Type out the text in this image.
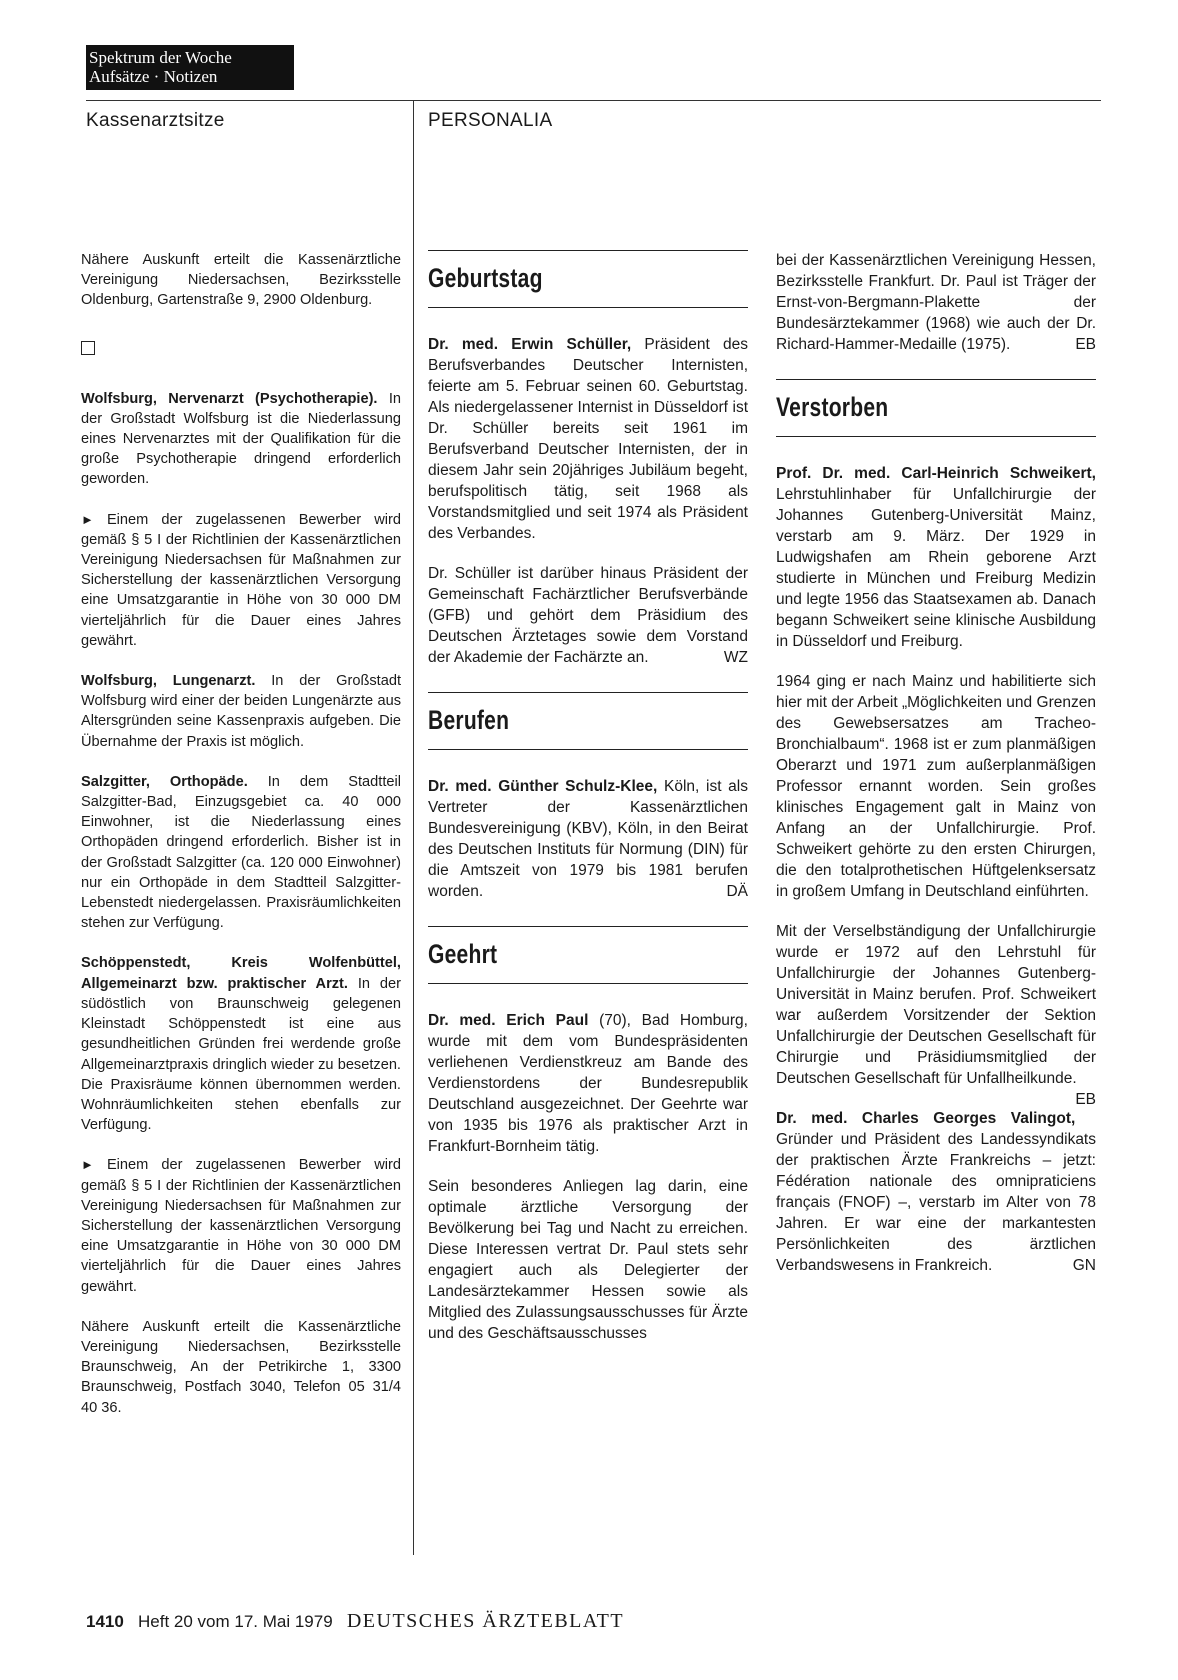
Spektrum der Woche
Aufsätze · Notizen
Kassenarztsitze	PERSONALIA

Nähere Auskunft erteilt die Kassenärztliche Vereinigung Niedersachsen, Bezirksstelle Oldenburg, Gartenstraße 9, 2900 Oldenburg.

Wolfsburg, Nervenarzt (Psychotherapie). In der Großstadt Wolfsburg ist die Niederlassung eines Nervenarztes mit der Qualifikation für die große Psychotherapie dringend erforderlich geworden.

► Einem der zugelassenen Bewerber wird gemäß § 5 I der Richtlinien der Kassenärztlichen Vereinigung Niedersachsen für Maßnahmen zur Sicherstellung der kassenärztlichen Versorgung eine Umsatzgarantie in Höhe von 30 000 DM vierteljährlich für die Dauer eines Jahres gewährt.

Wolfsburg, Lungenarzt. In der Großstadt Wolfsburg wird einer der beiden Lungenärzte aus Altersgründen seine Kassenpraxis aufgeben. Die Übernahme der Praxis ist möglich.

Salzgitter, Orthopäde. In dem Stadtteil Salzgitter-Bad, Einzugsgebiet ca. 40 000 Einwohner, ist die Niederlassung eines Orthopäden dringend erforderlich. Bisher ist in der Großstadt Salzgitter (ca. 120 000 Einwohner) nur ein Orthopäde in dem Stadtteil Salzgitter-Lebenstedt niedergelassen. Praxisräumlichkeiten stehen zur Verfügung.

Schöppenstedt, Kreis Wolfenbüttel, Allgemeinarzt bzw. praktischer Arzt. In der südöstlich von Braunschweig gelegenen Kleinstadt Schöppenstedt ist eine aus gesundheitlichen Gründen frei werdende große Allgemeinarztpraxis dringlich wieder zu besetzen. Die Praxisräume können übernommen werden. Wohnräumlichkeiten stehen ebenfalls zur Verfügung.

► Einem der zugelassenen Bewerber wird gemäß § 5 I der Richtlinien der Kassenärztlichen Vereinigung Niedersachsen für Maßnahmen zur Sicherstellung der kassenärztlichen Versorgung eine Umsatzgarantie in Höhe von 30 000 DM vierteljährlich für die Dauer eines Jahres gewährt.

Nähere Auskunft erteilt die Kassenärztliche Vereinigung Niedersachsen, Bezirksstelle Braunschweig, An der Petrikirche 1, 3300 Braunschweig, Postfach 3040, Telefon 05 31/4 40 36.

Geburtstag

Dr. med. Erwin Schüller, Präsident des Berufsverbandes Deutscher Internisten, feierte am 5. Februar seinen 60. Geburtstag. Als niedergelassener Internist in Düsseldorf ist Dr. Schüller bereits seit 1961 im Berufsverband Deutscher Internisten, der in diesem Jahr sein 20jähriges Jubiläum begeht, berufspolitisch tätig, seit 1968 als Vorstandsmitglied und seit 1974 als Präsident des Verbandes.

Dr. Schüller ist darüber hinaus Präsident der Gemeinschaft Fachärztlicher Berufsverbände (GFB) und gehört dem Präsidium des Deutschen Ärztetages sowie dem Vorstand der Akademie der Fachärzte an.	WZ

Berufen

Dr. med. Günther Schulz-Klee, Köln, ist als Vertreter der Kassenärztlichen Bundesvereinigung (KBV), Köln, in den Beirat des Deutschen Instituts für Normung (DIN) für die Amtszeit von 1979 bis 1981 berufen worden.	DÄ

Geehrt

Dr. med. Erich Paul (70), Bad Homburg, wurde mit dem vom Bundespräsidenten verliehenen Verdienstkreuz am Bande des Verdienstordens der Bundesrepublik Deutschland ausgezeichnet. Der Geehrte war von 1935 bis 1976 als praktischer Arzt in Frankfurt-Bornheim tätig.

Sein besonderes Anliegen lag darin, eine optimale ärztliche Versorgung der Bevölkerung bei Tag und Nacht zu erreichen. Diese Interessen vertrat Dr. Paul stets sehr engagiert auch als Delegierter der Landesärztekammer Hessen sowie als Mitglied des Zulassungsausschusses für Ärzte und des Geschäftsausschusses

bei der Kassenärztlichen Vereinigung Hessen, Bezirksstelle Frankfurt. Dr. Paul ist Träger der Ernst-von-Bergmann-Plakette der Bundesärztekammer (1968) wie auch der Dr. Richard-Hammer-Medaille (1975).	EB

Verstorben

Prof. Dr. med. Carl-Heinrich Schweikert, Lehrstuhlinhaber für Unfallchirurgie der Johannes Gutenberg-Universität Mainz, verstarb am 9. März. Der 1929 in Ludwigshafen am Rhein geborene Arzt studierte in München und Freiburg Medizin und legte 1956 das Staatsexamen ab. Danach begann Schweikert seine klinische Ausbildung in Düsseldorf und Freiburg.

1964 ging er nach Mainz und habilitierte sich hier mit der Arbeit „Möglichkeiten und Grenzen des Gewebsersatzes am Tracheo-Bronchialbaum“. 1968 ist er zum planmäßigen Oberarzt und 1971 zum außerplanmäßigen Professor ernannt worden. Sein großes klinisches Engagement galt in Mainz von Anfang an der Unfallchirurgie. Prof. Schweikert gehörte zu den ersten Chirurgen, die den totalprothetischen Hüftgelenksersatz in großem Umfang in Deutschland einführten.

Mit der Verselbständigung der Unfallchirurgie wurde er 1972 auf den Lehrstuhl für Unfallchirurgie der Johannes Gutenberg-Universität in Mainz berufen. Prof. Schweikert war außerdem Vorsitzender der Sektion Unfallchirurgie der Deutschen Gesellschaft für Chirurgie und Präsidiumsmitglied der Deutschen Gesellschaft für Unfallheilkunde.
EB

Dr. med. Charles Georges Valingot, Gründer und Präsident des Landessyndikats der praktischen Ärzte Frankreichs – jetzt: Fédération nationale des omnipraticiens français (FNOF) –, verstarb im Alter von 78 Jahren. Er war eine der markantesten Persönlichkeiten des ärztlichen Verbandswesens in Frankreich.	GN

1410 Heft 20 vom 17. Mai 1979 DEUTSCHES ÄRZTEBLATT
